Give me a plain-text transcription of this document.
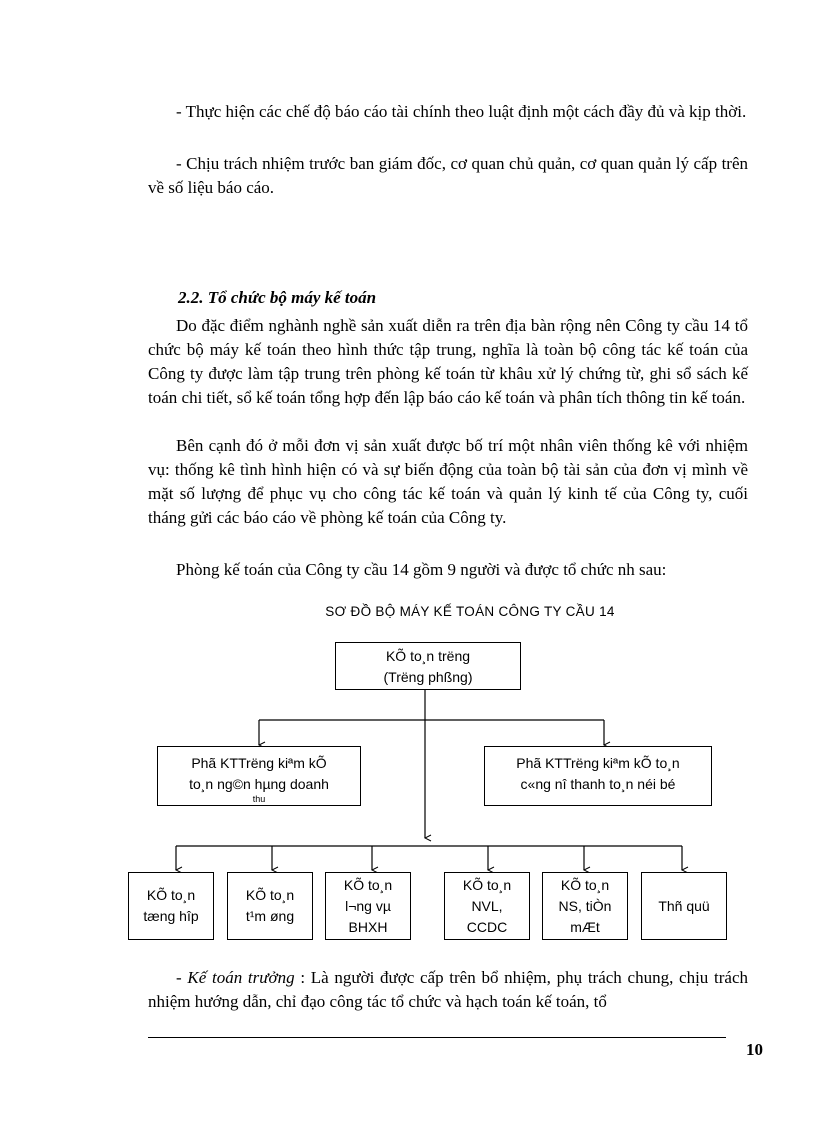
- Thực hiện các chế độ báo cáo tài chính theo luật định một cách đầy đủ và kịp thời.

- Chịu trách nhiệm trước ban giám đốc, cơ quan chủ quản, cơ quan quản lý cấp trên về số liệu báo cáo.

2.2. Tổ chức bộ máy kế toán

Do đặc điểm nghành nghề sản xuất diễn ra trên địa bàn rộng nên Công ty cầu 14 tổ chức bộ máy kế toán theo hình thức tập trung, nghĩa là toàn bộ công tác kế toán của Công ty được làm tập trung trên phòng kế toán từ khâu xử lý chứng từ, ghi sổ sách kế toán chi tiết, sổ kế toán tổng hợp đến lập báo cáo kế toán và phân tích thông tin kế toán.

Bên cạnh đó ở mỗi đơn vị sản xuất được bố trí một nhân viên thống kê với nhiệm vụ: thống kê tình hình hiện có và sự biến động của toàn bộ tài sản của đơn vị mình về mặt số lượng để phục vụ cho công tác kế toán và quản lý kinh tế của Công ty, cuối tháng gửi các báo cáo về phòng kế toán của Công ty.

Phòng kế toán của Công ty cầu 14 gồm 9 người và được tổ chức nh sau:

SƠ ĐỒ BỘ MÁY KẾ TOÁN CÔNG TY CẦU 14
KÕ to¸n trëng
(Trëng phßng)
Phã KTTrëng kiªm kÕ
to¸n ng©n hµng doanh
thu
Phã KTTrëng kiªm kÕ to¸n
c«ng nî thanh to¸n néi bé
KÕ to¸n
tæng hîp
KÕ to¸n
t¹m øng
KÕ to¸n
l¬ng vµ
BHXH
KÕ to¸n
NVL,
CCDC
KÕ to¸n
NS, tiÒn
mÆt
Thñ quü

- Kế toán trưởng : Là người được cấp trên bổ nhiệm, phụ trách chung, chịu trách nhiệm hướng dẫn, chỉ đạo công tác tổ chức và hạch toán kế toán, tổ

10
